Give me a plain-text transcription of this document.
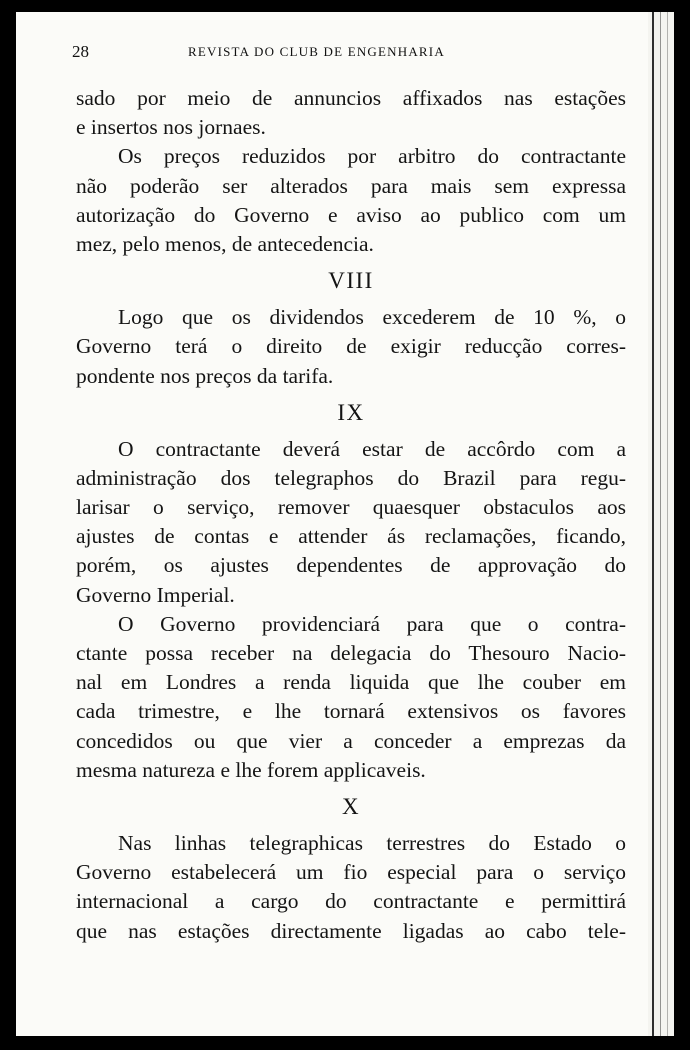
28	REVISTA DO CLUB DE ENGENHARIA
sado por meio de annuncios affixados nas estações
e insertos nos jornaes.
Os preços reduzidos por arbitro do contractante
não poderão ser alterados para mais sem expressa
autorização do Governo e aviso ao publico com um
mez, pelo menos, de antecedencia.
VIII
Logo que os dividendos excederem de 10 %, o
Governo terá o direito de exigir reducção corres-
pondente nos preços da tarifa.
IX
O contractante deverá estar de accôrdo com a
administração dos telegraphos do Brazil para regu-
larisar o serviço, remover quaesquer obstaculos aos
ajustes de contas e attender ás reclamações, ficando,
porém, os ajustes dependentes de approvação do
Governo Imperial.
O Governo providenciará para que o contra-
ctante possa receber na delegacia do Thesouro Nacio-
nal em Londres a renda liquida que lhe couber em
cada trimestre, e lhe tornará extensivos os favores
concedidos ou que vier a conceder a emprezas da
mesma natureza e lhe forem applicaveis.
X
Nas linhas telegraphicas terrestres do Estado o
Governo estabelecerá um fio especial para o serviço
internacional a cargo do contractante e permittirá
que nas estações directamente ligadas ao cabo tele-
